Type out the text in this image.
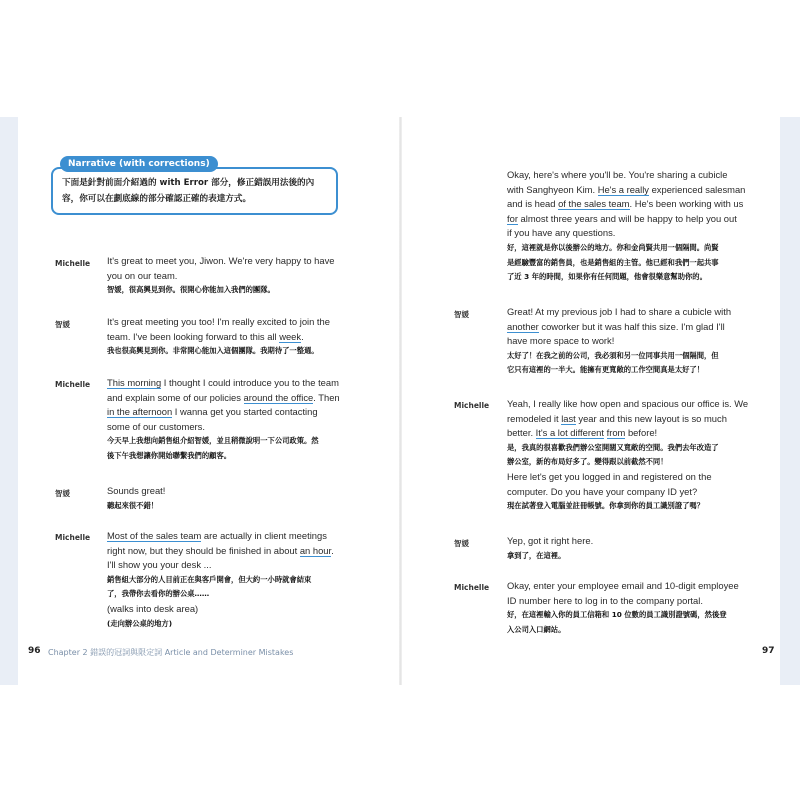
Narrative (with corrections)
下面是針對前面介紹過的 with Error 部分，修正錯誤用法後的內
容，你可以在劃底線的部分確認正確的表達方式。
Michelle It's great to meet you, Jiwon. We're very happy to have

you on our team.

智媛，很高興見到你。很開心你能加入我們的團隊。

智媛	It's great meeting you too! I'm really excited to join the

team. I've been looking forward to this all week.

我也很高興見到你。非常開心能加入這個團隊。我期待了一整週。

Michelle This morning I thought I could introduce you to the team

and explain some of our policies around the office. Then

in the afternoon I wanna get you started contacting

some of our customers.

今天早上我想向銷售組介紹智媛，並且稍微說明一下公司政策。然

後下午我想讓你開始聯繫我們的顧客。

智媛	Sounds great!

聽起來很不錯！

Michelle Most of the sales team are actually in client meetings

right now, but they should be finished in about an hour.

I'll show you your desk ...

銷售組大部分的人目前正在與客戶開會，但大約一小時就會結束

了，我帶你去看你的辦公桌……

(walks into desk area)

(走向辦公桌的地方)

Okay, here's where you'll be. You're sharing a cubicle

with Sanghyeon Kim. He's a really experienced salesman

and is head of the sales team. He's been working with us

for almost three years and will be happy to help you out

if you have any questions.

好，這裡就是你以後辦公的地方。你和金尚賢共用一個隔間。尚賢

是經驗豐富的銷售員，也是銷售組的主管。他已經和我們一起共事

了近 3 年的時間，如果你有任何問題，他會很樂意幫助你的。

智媛	Great! At my previous job I had to share a cubicle with

another coworker but it was half this size. I'm glad I'll

have more space to work!

太好了！在我之前的公司，我必須和另一位同事共用一個隔間，但

它只有這裡的一半大。能擁有更寬敞的工作空間真是太好了！

Michelle Yeah, I really like how open and spacious our office is. We

remodeled it last year and this new layout is so much

better. It's a lot different from before!

是，我真的很喜歡我們辦公室開闊又寬敞的空間。我們去年改造了

辦公室，新的布局好多了。變得跟以前截然不同！

Here let's get you logged in and registered on the

computer. Do you have your company ID yet?

現在試著登入電腦並註冊帳號。你拿到你的員工識別證了嗎？

智媛	Yep, got it right here.

拿到了，在這裡。

Michelle Okay, enter your employee email and 10-digit employee

ID number here to log in to the company portal.

好，在這裡輸入你的員工信箱和 10 位數的員工識別證號碼，然後登

入公司入口網站。

96 Chapter 2 錯誤的冠詞與限定詞 Article and Determiner Mistakes	97
